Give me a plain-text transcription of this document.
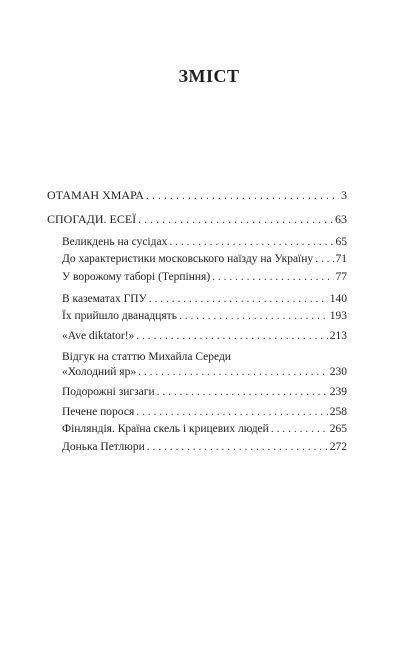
ЗМІСТ
ОТАМАН ХМАРА . . .	3
СПОГАДИ. ЕСЕЇ . . .	63
Великдень на сусідах . . .	65
До характеристики московського наїзду на Україну . . . 71
У ворожому таборі (Терпіння) . . .	77
В казематах ГПУ . . .	140
Їх прийшло дванадцять . . .	193
«Ave diktator!» . . .	213
Відгук на статтю Михайла Середи
«Холодний яр» . . .	230
Подорожні зигзаги . . .	239
Печене порося . . .	258
Фінляндія. Країна скель і крицевих людей . . .	265
Донька Петлюри . . .	272
